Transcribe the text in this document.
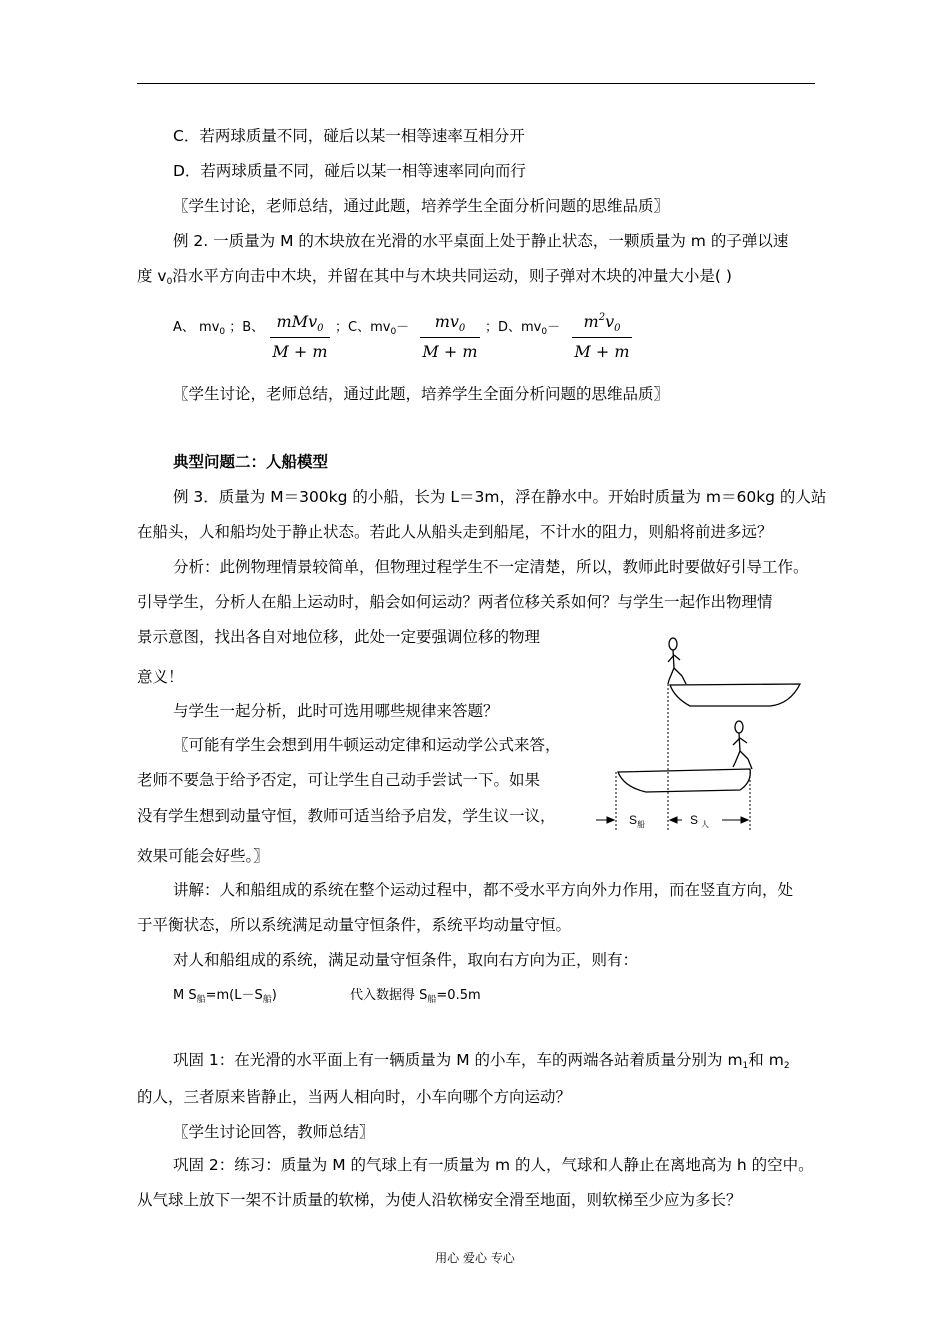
C．若两球质量不同，碰后以某一相等速率互相分开
D．若两球质量不同，碰后以某一相等速率同向而行
〖学生讨论，老师总结，通过此题，培养学生全面分析问题的思维品质〗
例 2. 一质量为 M 的木块放在光滑的水平桌面上处于静止状态，一颗质量为 m 的子弹以速
度 $v_0$沿水平方向击中木块，并留在其中与木块共同运动，则子弹对木块的冲量大小是( )
A、 $mv_0$ ；B、 mMv$_0$
M + m
；C、$mv_0- \frac{mv_0}{M + m}$ ；D、$mv_0- \frac{m^2v_0}{M + m}$
〖学生讨论，老师总结，通过此题，培养学生全面分析问题的思维品质〗
典型问题二：人船模型
例 3．质量为 M＝300kg 的小船，长为 L＝3m，浮在静水中。开始时质量为 m＝60kg 的人站
在船头，人和船均处于静止状态。若此人从船头走到船尾，不计水的阻力，则船将前进多远？
分析：此例物理情景较简单，但物理过程学生不一定清楚，所以，教师此时要做好引导工作。
引导学生，分析人在船上运动时，船会如何运动？两者位移关系如何？与学生一起作出物理情
景示意图，找出各自对地位移，此处一定要强调位移的物理
意义！
与学生一起分析，此时可选用哪些规律来答题？
〖可能有学生会想到用牛顿运动定律和运动学公式来答，
老师不要急于给予否定，可让学生自己动手尝试一下。如果
没有学生想到动量守恒，教师可适当给予启发，学生议一议，
效果可能会好些。〗
讲解：人和船组成的系统在整个运动过程中，都不受水平方向外力作用，而在竖直方向，处
于平衡状态，所以系统满足动量守恒条件，系统平均动量守恒。
对人和船组成的系统，满足动量守恒条件，取向右方向为正，则有：
M $S_船=m(L-S_船)$	代入数据得 $S_船=0.5m$
巩固 1：在光滑的水平面上有一辆质量为 M 的小车，车的两端各站着质量分别为 $m_1$和 $m_2$
的人，三者原来皆静止，当两人相向时，小车向哪个方向运动？
〖学生讨论回答，教师总结〗
巩固 2：练习：质量为 M 的气球上有一质量为 m 的人，气球和人静止在离地高为 h 的空中。
从气球上放下一架不计质量的软梯，为使人沿软梯安全滑至地面，则软梯至少应为多长？
$S_船$	S $_人$
用心 爱心 专心
